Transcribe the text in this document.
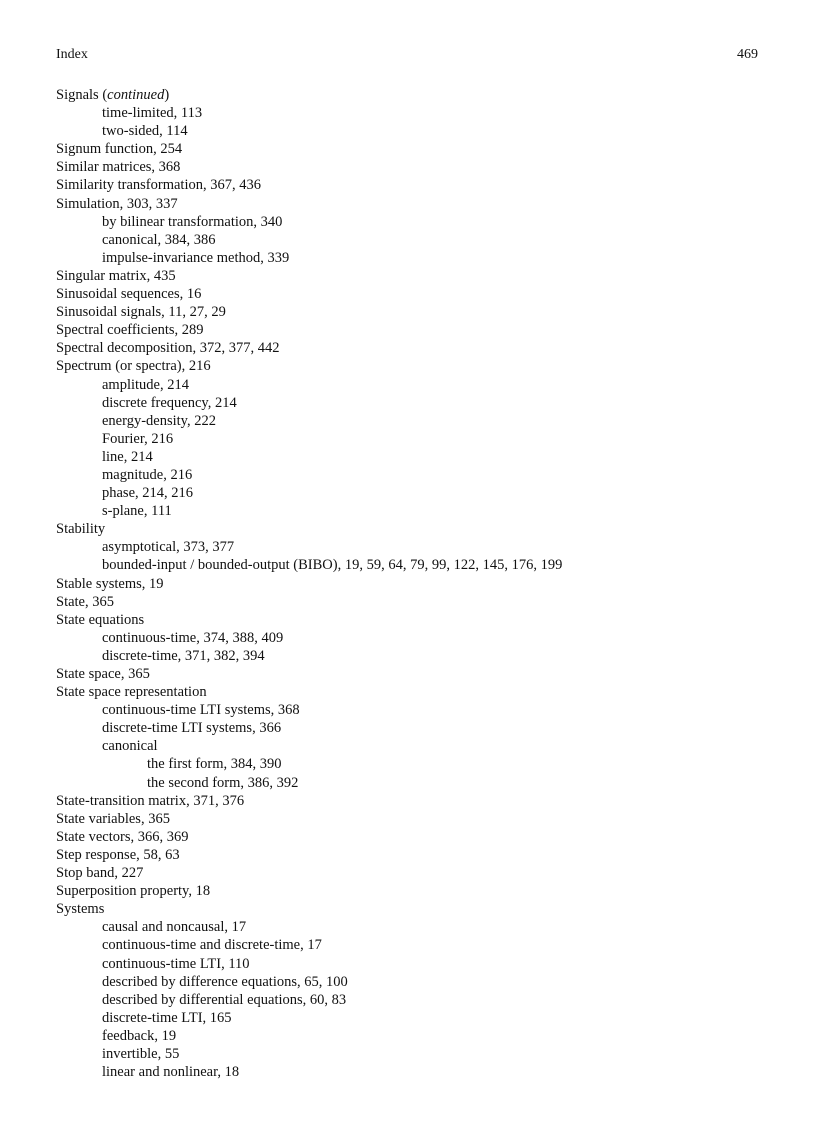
Index	469
Signals (continued)
time-limited, 113
two-sided, 114
Signum function, 254
Similar matrices, 368
Similarity transformation, 367, 436
Simulation, 303, 337
by bilinear transformation, 340
canonical, 384, 386
impulse-invariance method, 339
Singular matrix, 435
Sinusoidal sequences, 16
Sinusoidal signals, 11, 27, 29
Spectral coefficients, 289
Spectral decomposition, 372, 377, 442
Spectrum (or spectra), 216
amplitude, 214
discrete frequency, 214
energy-density, 222
Fourier, 216
line, 214
magnitude, 216
phase, 214, 216
s-plane, 111
Stability
asymptotical, 373, 377
bounded-input / bounded-output (BIBO), 19, 59, 64, 79, 99, 122, 145, 176, 199
Stable systems, 19
State, 365
State equations
continuous-time, 374, 388, 409
discrete-time, 371, 382, 394
State space, 365
State space representation
continuous-time LTI systems, 368
discrete-time LTI systems, 366
canonical
the first form, 384, 390
the second form, 386, 392
State-transition matrix, 371, 376
State variables, 365
State vectors, 366, 369
Step response, 58, 63
Stop band, 227
Superposition property, 18
Systems
causal and noncausal, 17
continuous-time and discrete-time, 17
continuous-time LTI, 110
described by difference equations, 65, 100
described by differential equations, 60, 83
discrete-time LTI, 165
feedback, 19
invertible, 55
linear and nonlinear, 18
